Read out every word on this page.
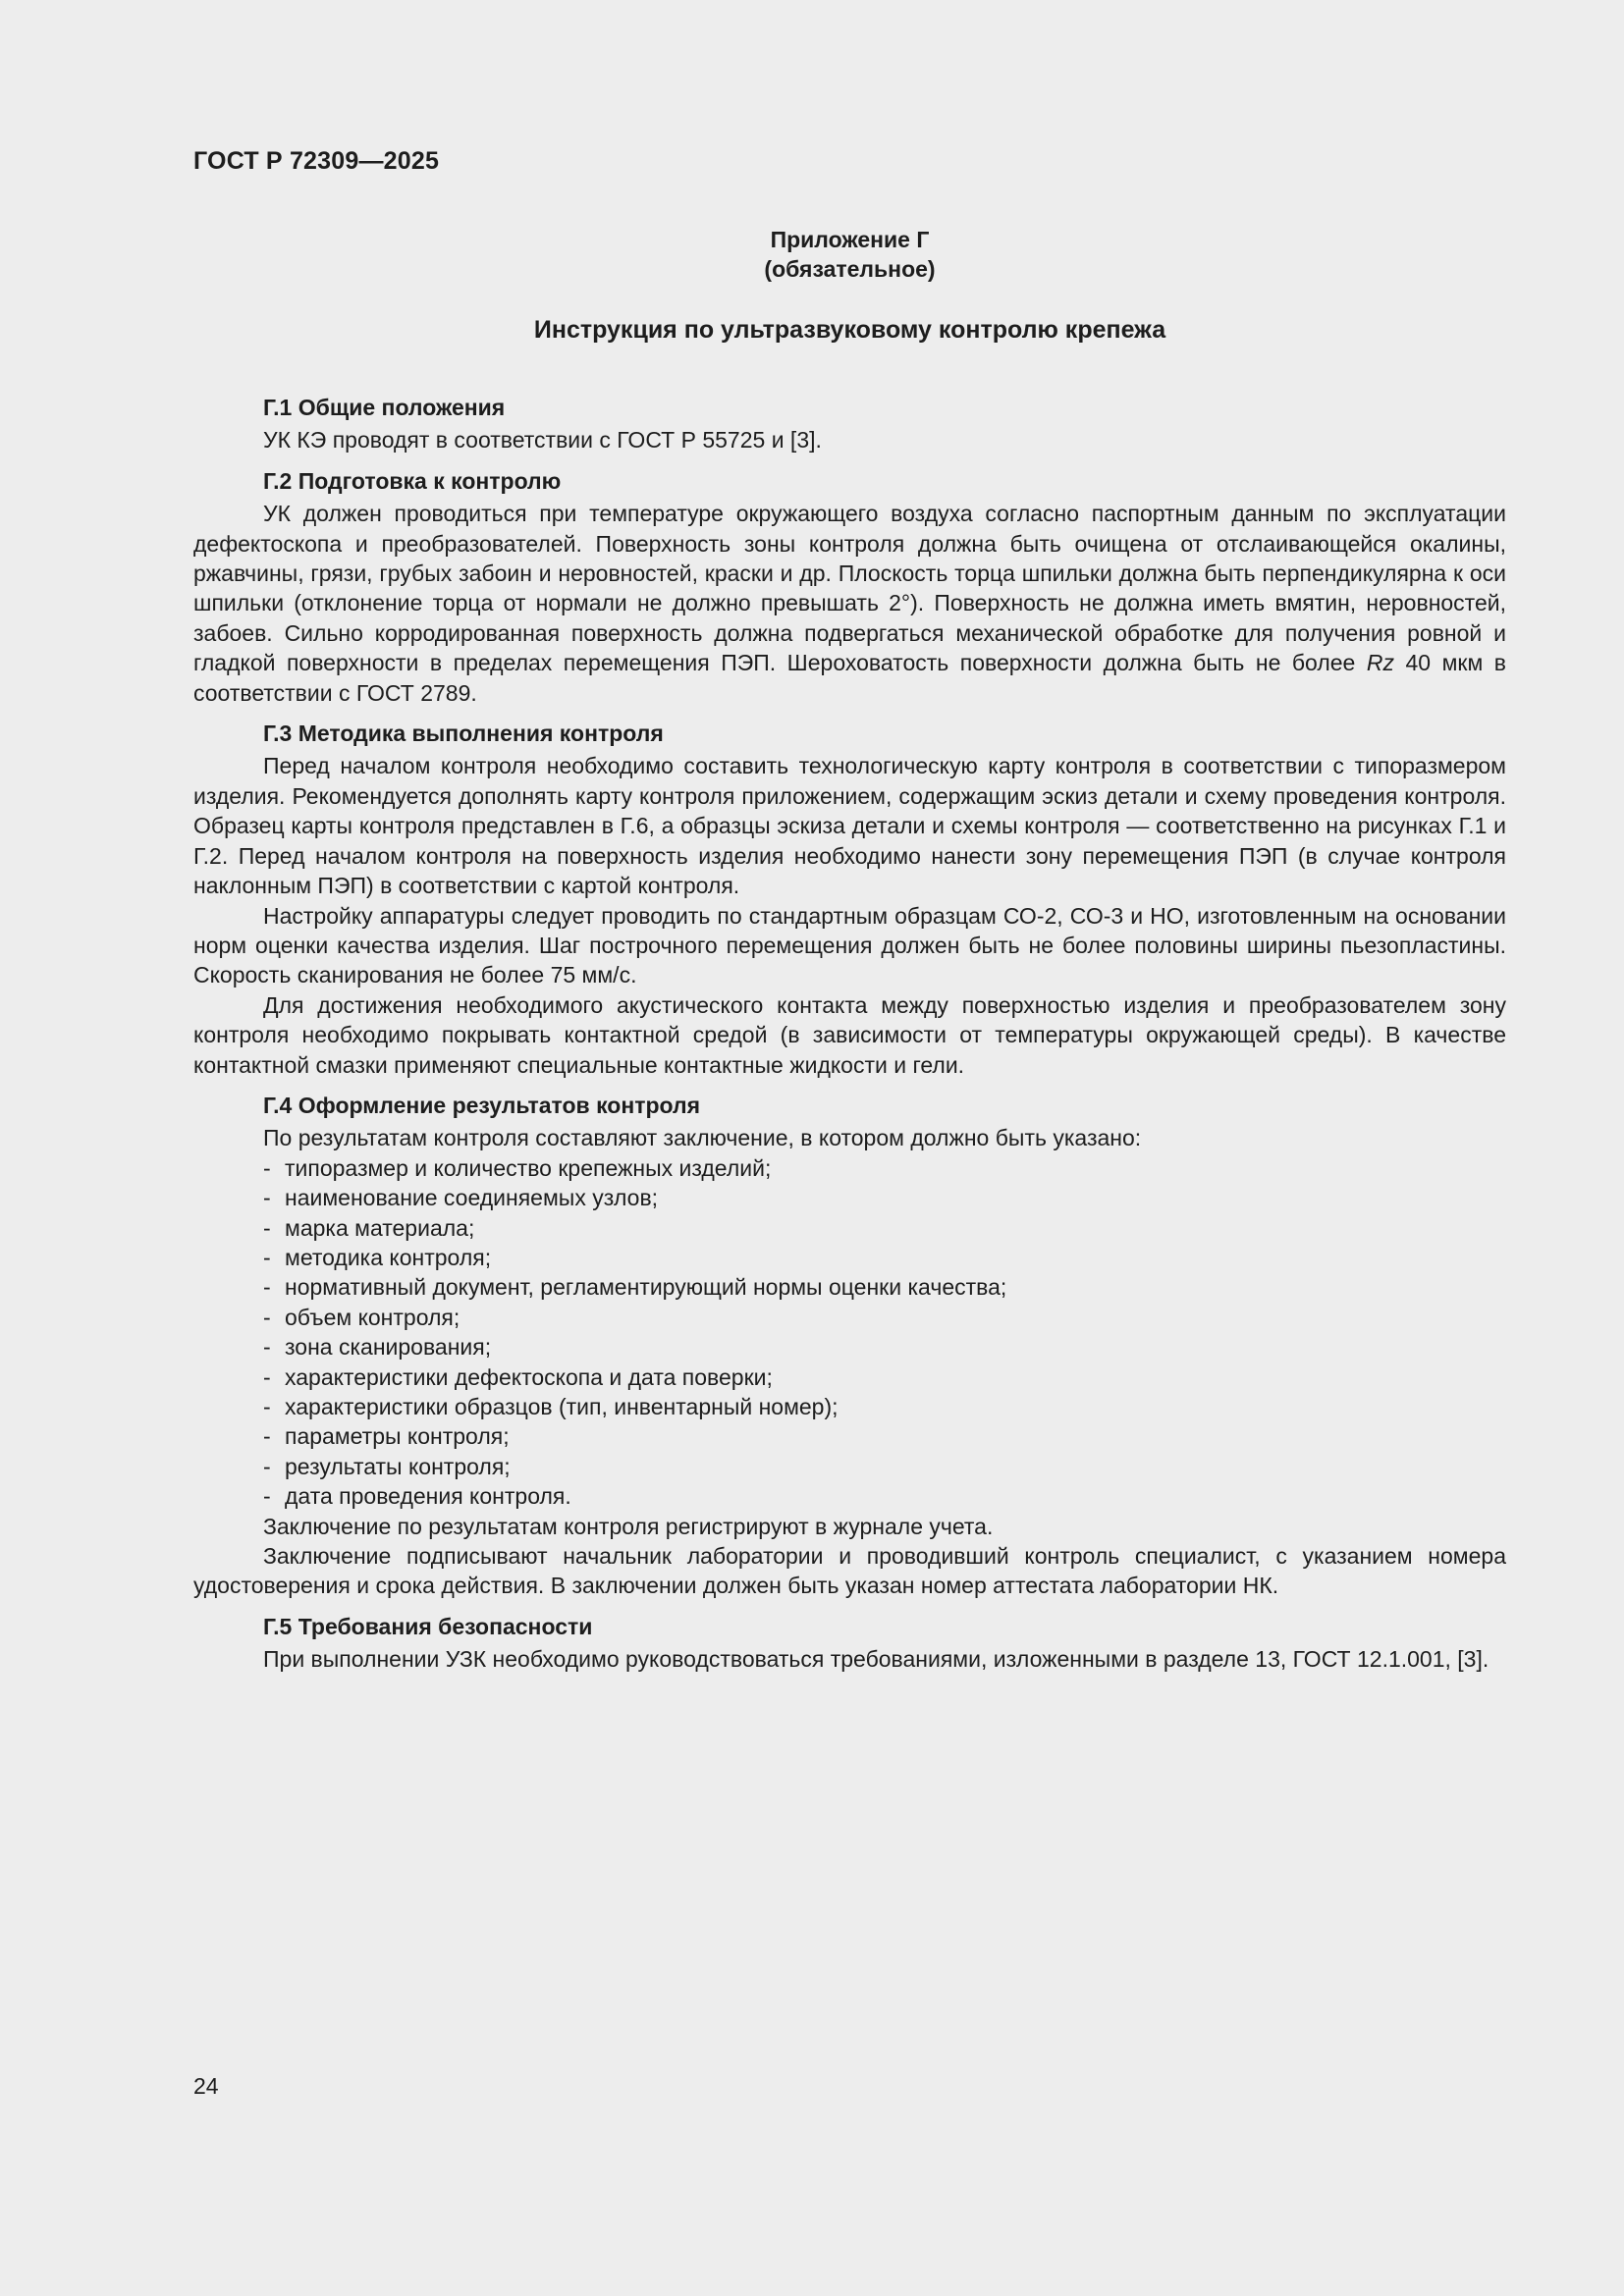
ГОСТ Р 72309—2025
Приложение Г
(обязательное)
Инструкция по ультразвуковому контролю крепежа
Г.1 Общие положения

УК КЭ проводят в соответствии с ГОСТ Р 55725 и [3].

Г.2 Подготовка к контролю

УК должен проводиться при температуре окружающего воздуха согласно паспортным данным по эксплуатации дефектоскопа и преобразователей. Поверхность зоны контроля должна быть очищена от отслаивающейся окалины, ржавчины, грязи, грубых забоин и неровностей, краски и др. Плоскость торца шпильки должна быть перпендикулярна к оси шпильки (отклонение торца от нормали не должно превышать 2°). Поверхность не должна иметь вмятин, неровностей, забоев. Сильно корродированная поверхность должна подвергаться механической обработке для получения ровной и гладкой поверхности в пределах перемещения ПЭП. Шероховатость поверхности должна быть не более Rz 40 мкм в соответствии с ГОСТ 2789.

Г.3 Методика выполнения контроля

Перед началом контроля необходимо составить технологическую карту контроля в соответствии с типоразмером изделия. Рекомендуется дополнять карту контроля приложением, содержащим эскиз детали и схему проведения контроля. Образец карты контроля представлен в Г.6, а образцы эскиза детали и схемы контроля — соответственно на рисунках Г.1 и Г.2. Перед началом контроля на поверхность изделия необходимо нанести зону перемещения ПЭП (в случае контроля наклонным ПЭП) в соответствии с картой контроля.

Настройку аппаратуры следует проводить по стандартным образцам СО-2, СО-3 и НО, изготовленным на основании норм оценки качества изделия. Шаг построчного перемещения должен быть не более половины ширины пьезопластины. Скорость сканирования не более 75 мм/с.

Для достижения необходимого акустического контакта между поверхностью изделия и преобразователем зону контроля необходимо покрывать контактной средой (в зависимости от температуры окружающей среды). В качестве контактной смазки применяют специальные контактные жидкости и гели.

Г.4 Оформление результатов контроля

По результатам контроля составляют заключение, в котором должно быть указано:

- типоразмер и количество крепежных изделий;
- наименование соединяемых узлов;
- марка материала;
- методика контроля;
- нормативный документ, регламентирующий нормы оценки качества;
- объем контроля;
- зона сканирования;
- характеристики дефектоскопа и дата поверки;
- характеристики образцов (тип, инвентарный номер);
- параметры контроля;
- результаты контроля;
- дата проведения контроля.

Заключение по результатам контроля регистрируют в журнале учета.

Заключение подписывают начальник лаборатории и проводивший контроль специалист, с указанием номера удостоверения и срока действия. В заключении должен быть указан номер аттестата лаборатории НК.

Г.5 Требования безопасности

При выполнении УЗК необходимо руководствоваться требованиями, изложенными в разделе 13, ГОСТ 12.1.001, [3].

24
